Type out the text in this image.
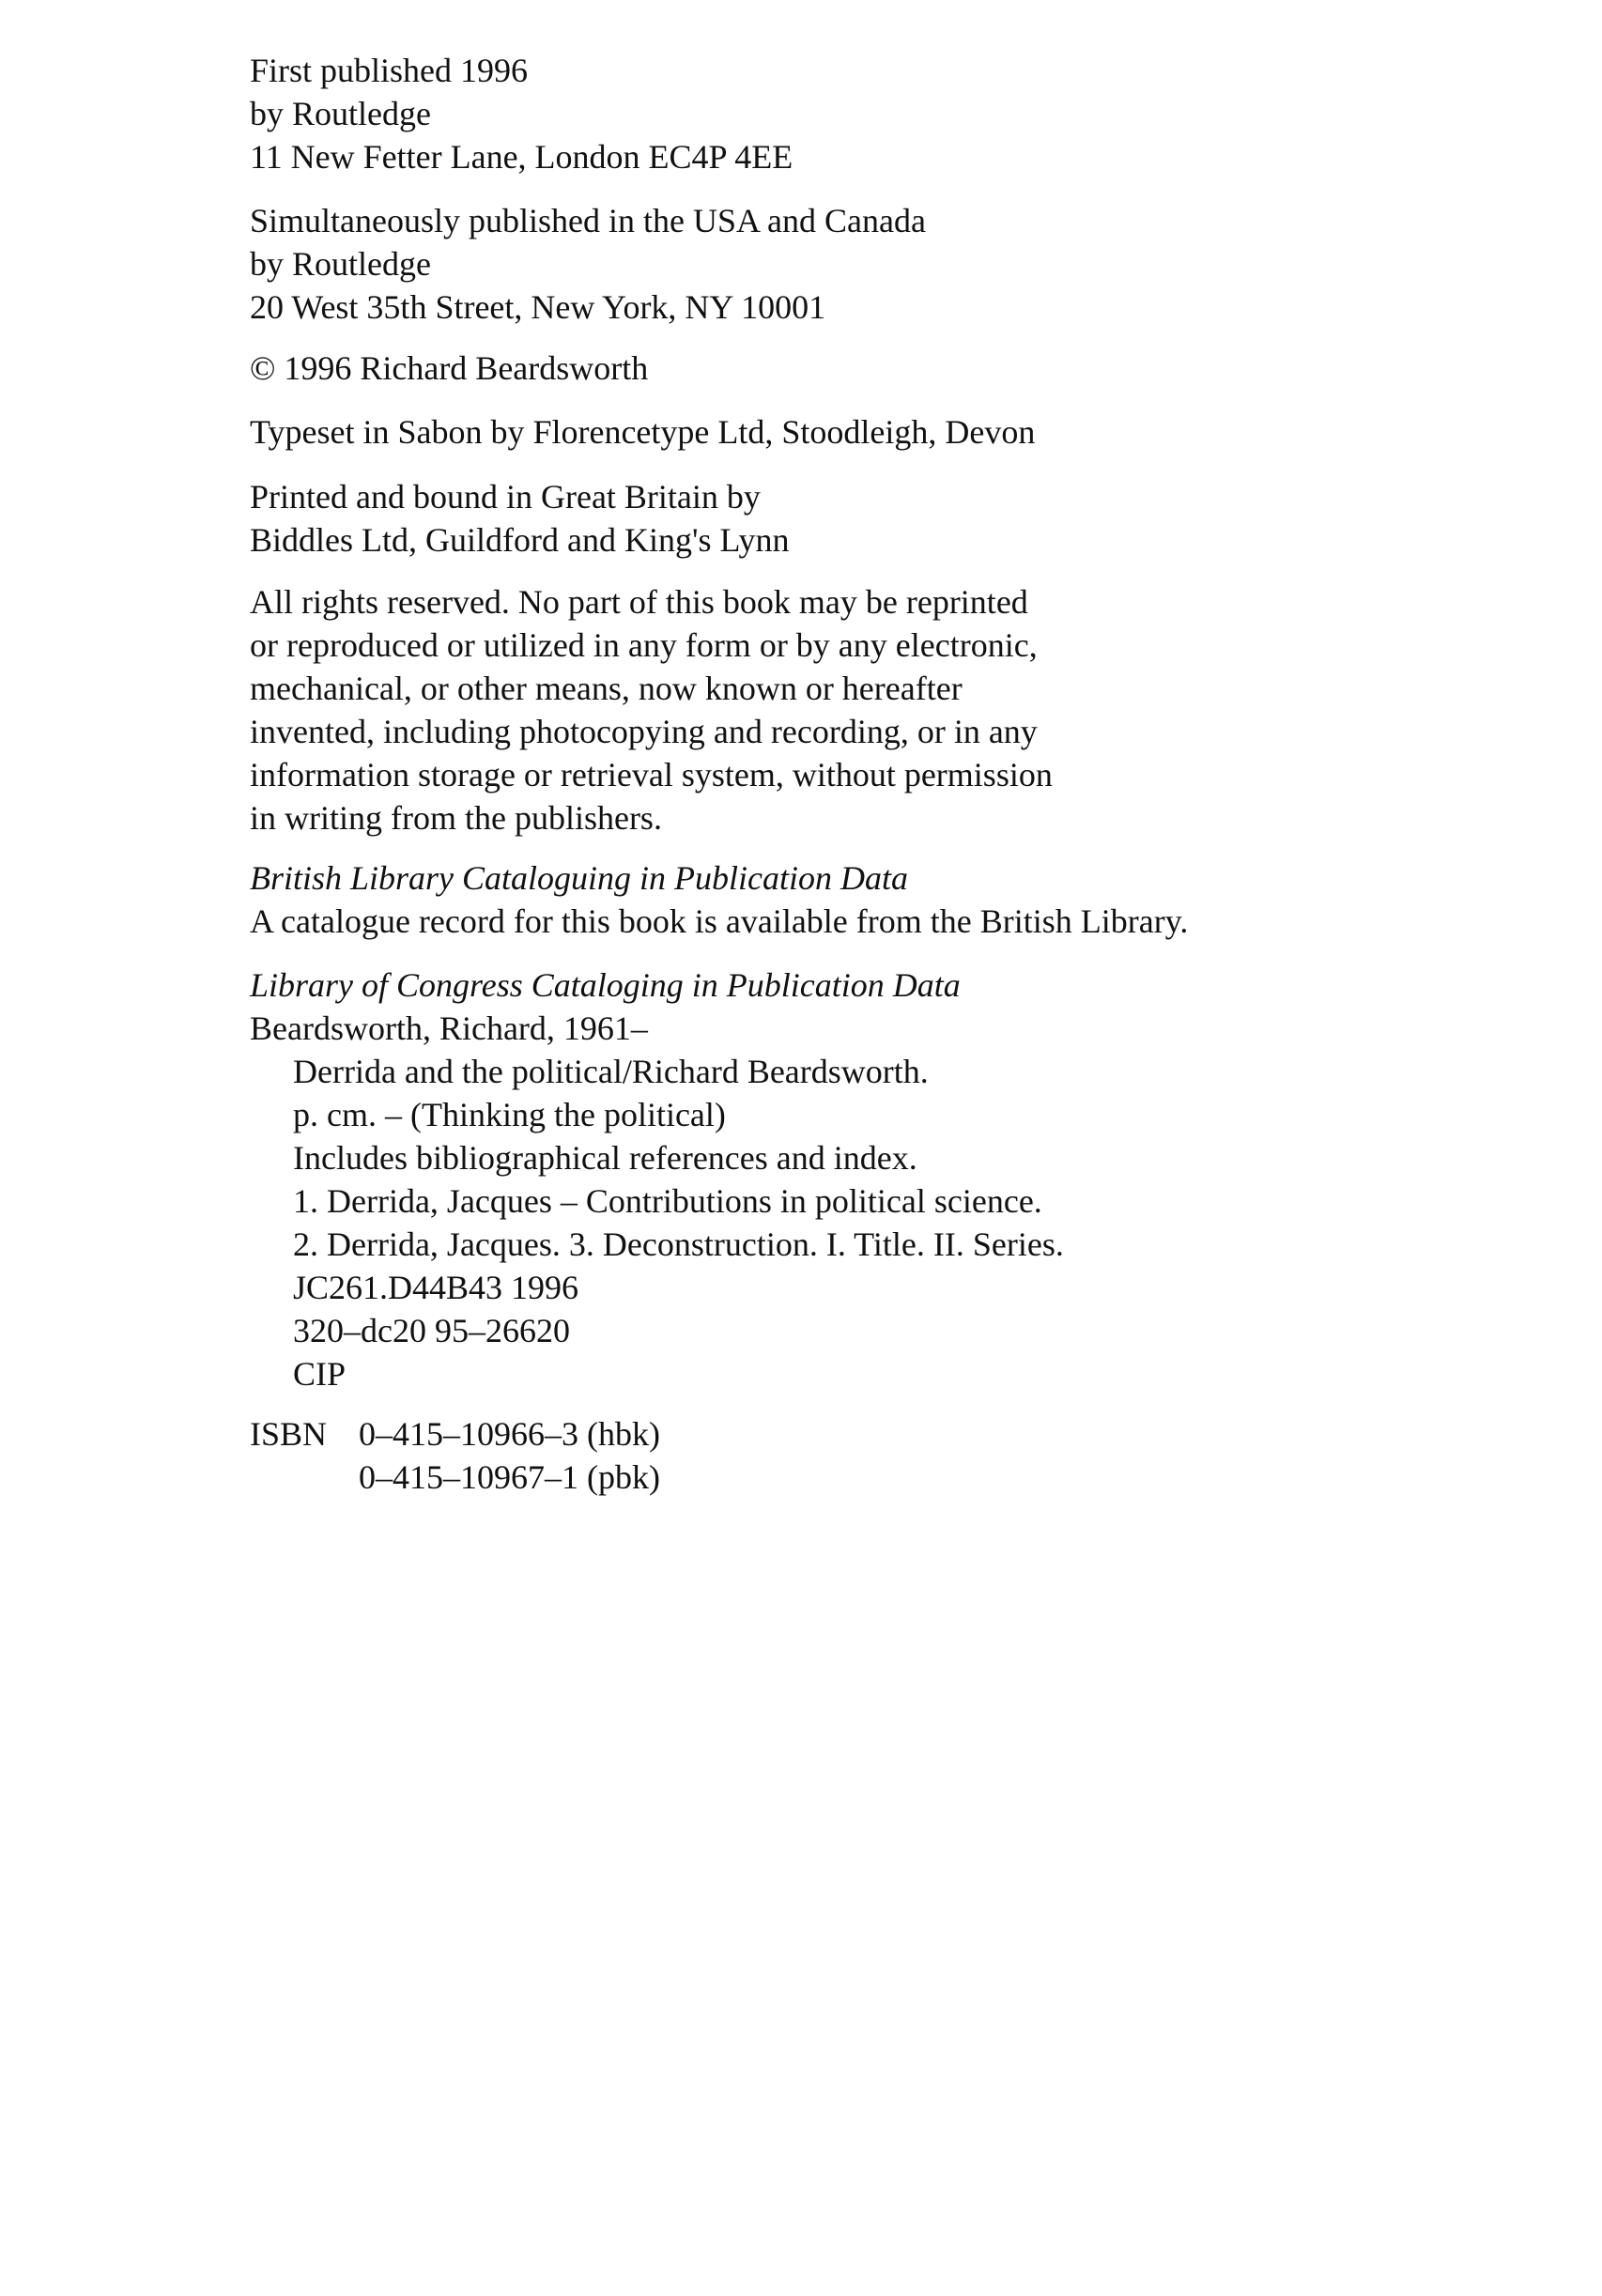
First published 1996
by Routledge
11 New Fetter Lane, London EC4P 4EE
Simultaneously published in the USA and Canada
by Routledge
20 West 35th Street, New York, NY 10001
© 1996 Richard Beardsworth
Typeset in Sabon by Florencetype Ltd, Stoodleigh, Devon
Printed and bound in Great Britain by
Biddles Ltd, Guildford and King's Lynn
All rights reserved. No part of this book may be reprinted
or reproduced or utilized in any form or by any electronic,
mechanical, or other means, now known or hereafter
invented, including photocopying and recording, or in any
information storage or retrieval system, without permission
in writing from the publishers.
British Library Cataloguing in Publication Data
A catalogue record for this book is available from the British Library.
Library of Congress Cataloging in Publication Data
Beardsworth, Richard, 1961–
Derrida and the political/Richard Beardsworth.
p. cm. – (Thinking the political)
Includes bibliographical references and index.
1. Derrida, Jacques – Contributions in political science.
2. Derrida, Jacques. 3. Deconstruction. I. Title. II. Series.
JC261.D44B43 1996
320–dc20 95–26620
CIP
ISBN 0–415–10966–3 (hbk)
0–415–10967–1 (pbk)
